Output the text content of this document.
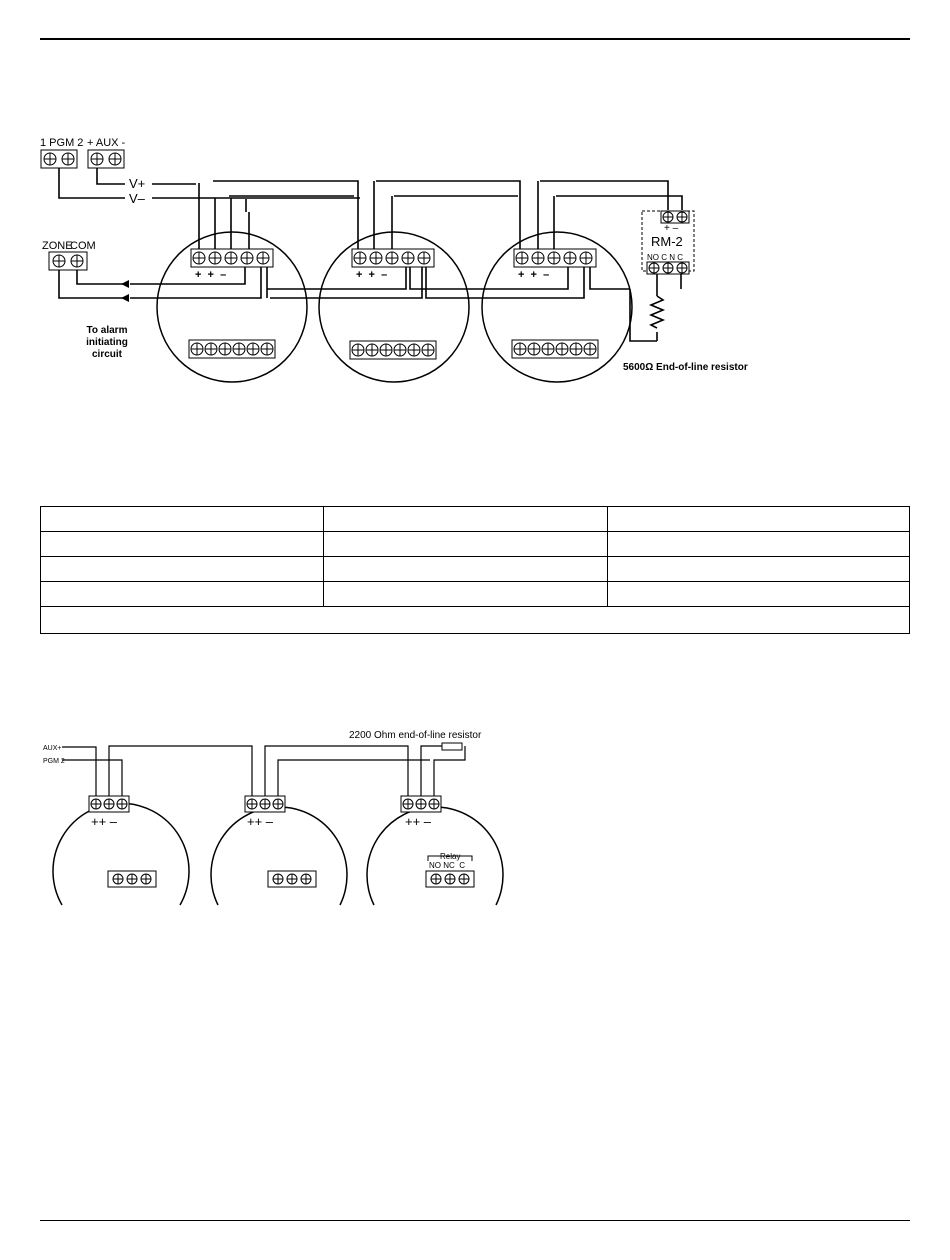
1 PGM 2 + AUX -
V+
V–
ZONE
COM
To alarm
initiating
circuit
RM-2
+ –
NO C N C
+  +  –	+  +  –	+  +  –
5600Ω End-of-line resistor

2200 Ohm end-of-line resistor
AUX+
PGM 2
++ –	++ –	++ –
Relay
NO NC  C
